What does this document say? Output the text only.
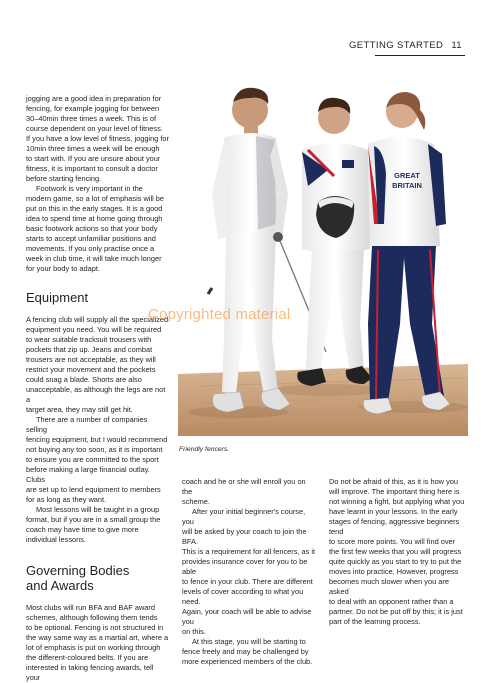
GETTING STARTED 11

jogging are a good idea in preparation for
fencing, for example jogging for between
30–40min three times a week. This is of
course dependent on your level of fitness.
If you have a low level of fitness, jogging for
10min three times a week will be enough
to start with. If you are unsure about your
fitness, it is important to consult a doctor
before starting fencing.

Footwork is very important in the
modern game, so a lot of emphasis will be
put on this in the early stages. It is a good
idea to spend time at home going through
basic footwork actions so that your body
starts to accept unfamiliar positions and
movements. If you only practise once a
week in club time, it will take much longer
for your body to adapt.

Equipment

A fencing club will supply all the specialized
equipment you need. You will be required
to wear suitable tracksuit trousers with
pockets that zip up. Jeans and combat
trousers are not acceptable, as they will
restrict your movement and the pockets
could snag a blade. Shorts are also
unacceptable, as although the legs are not a
target area, they may still get hit.

There are a number of companies selling
fencing equipment, but I would recommend
not buying any too soon, as it is important
to ensure you are committed to the sport
before making a large financial outlay. Clubs
are set up to lend equipment to members
for as long as they want.

Most lessons will be taught in a group
format, but if you are in a small group the
coach may have time to give more
individual lessons.

Governing Bodies
and Awards

Most clubs will run BFA and BAF award
schemes, although following them tends
to be optional. Fencing is not structured in
the way same way as a martial art, where a
lot of emphasis is put on working through
the different-coloured belts. If you are
interested in taking fencing awards, tell your

GREAT
BRITAIN
Friendly fencers.
Copyrighted material

coach and he or she will enroll you on the
scheme.

After your initial beginner's course, you
will be asked by your coach to join the BFA.
This is a requirement for all fencers, as it
provides insurance cover for you to be able
to fence in your club. There are different
levels of cover according to what you need.
Again, your coach will be able to advise you
on this.

At this stage, you will be starting to
fence freely and may be challenged by
more experienced members of the club.

Do not be afraid of this, as it is how you
will improve. The important thing here is
not winning a fight, but applying what you
have learnt in your lessons. In the early
stages of fencing, aggressive beginners tend
to score more points. You will find over
the first few weeks that you will progress
quite quickly as you start to try to put the
moves into practice. However, progress
becomes much slower when you are asked
to deal with an opponent rather than a
partner. Do not be put off by this; it is just
part of the learning process.
